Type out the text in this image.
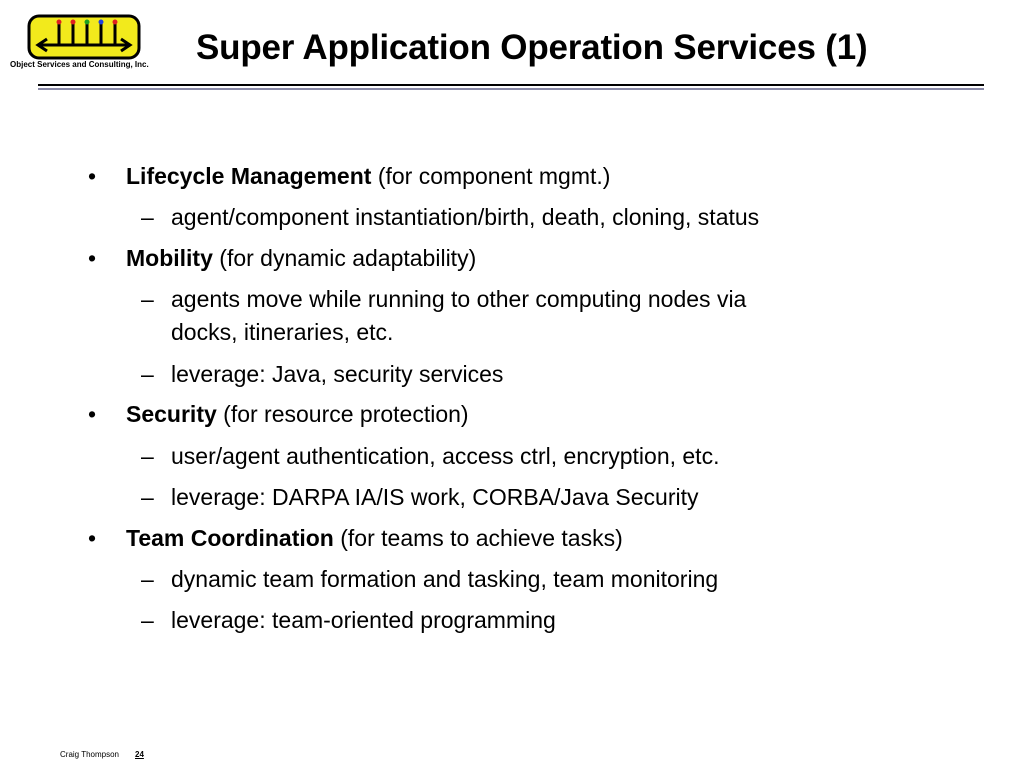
Object Services and Consulting, Inc. Super Application Operation Services (1)
• Lifecycle Management (for component mgmt.)
– agent/component instantiation/birth, death, cloning, status
• Mobility (for dynamic adaptability)
– agents move while running to other computing nodes via
docks, itineraries, etc.
– leverage: Java, security services
• Security (for resource protection)
– user/agent authentication, access ctrl, encryption, etc.
– leverage: DARPA IA/IS work, CORBA/Java Security
• Team Coordination (for teams to achieve tasks)
– dynamic team formation and tasking, team monitoring
– leverage: team-oriented programming
Craig Thompson 24
